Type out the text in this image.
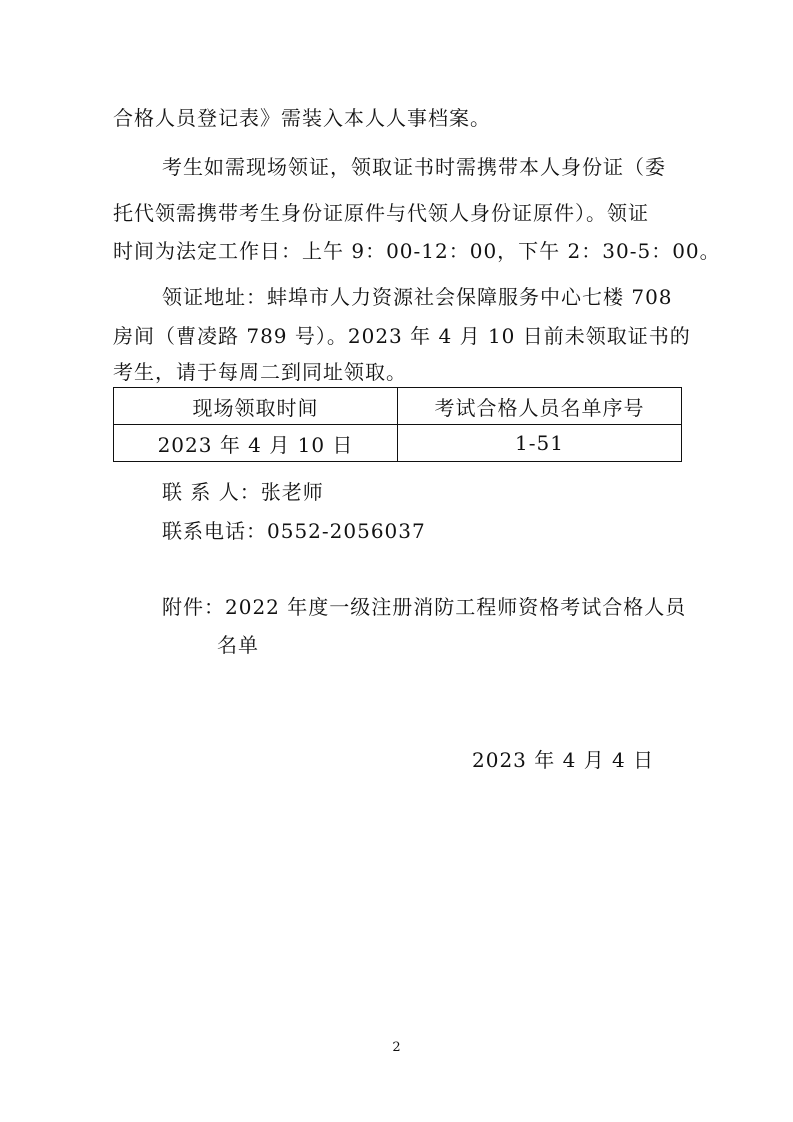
合格人员登记表》需装入本人人事档案。
考生如需现场领证，领取证书时需携带本人身份证（委
托代领需携带考生身份证原件与代领人身份证原件）。领证
时间为法定工作日：上午 9：00-12：00，下午 2：30-5：00。
领证地址：蚌埠市人力资源社会保障服务中心七楼 708
房间（曹凌路 789 号）。2023 年 4 月 10 日前未领取证书的
考生，请于每周二到同址领取。
现场领取时间	考试合格人员名单序号
2023 年 4 月 10 日	1-51
联 系 人：张老师
联系电话：0552-2056037
附件：2022 年度一级注册消防工程师资格考试合格人员
名单
2023 年 4 月 4 日
2
